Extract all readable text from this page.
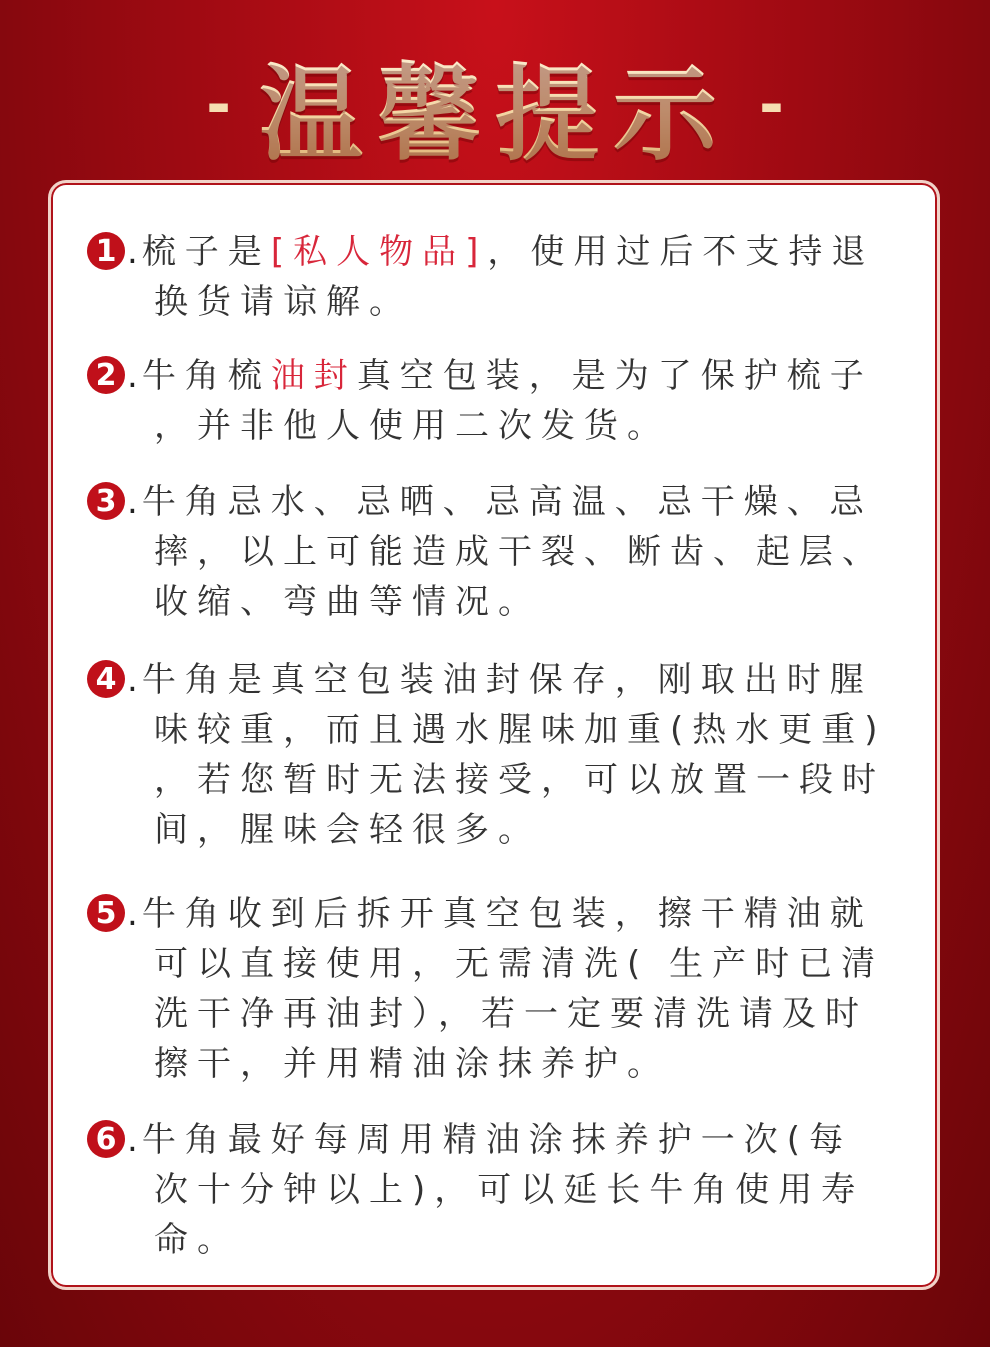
- 温馨提示 -
1 .梳子是[私人物品]，使用过后不支持退
换货请谅解。
2 .牛角梳油封真空包装，是为了保护梳子
，并非他人使用二次发货。
3 .牛角忌水、忌晒、忌高温、忌干燥、忌
摔，以上可能造成干裂、断齿、起层、
收缩、弯曲等情况。
4 .牛角是真空包装油封保存，刚取出时腥
味较重，而且遇水腥味加重(热水更重)
，若您暂时无法接受，可以放置一段时
间，腥味会轻很多。
5 .牛角收到后拆开真空包装，擦干精油就
可以直接使用，无需清洗( 生产时已清
洗干净再油封），若一定要清洗请及时
擦干，并用精油涂抹养护。
6 .牛角最好每周用精油涂抹养护一次(每
次十分钟以上)，可以延长牛角使用寿
命。
